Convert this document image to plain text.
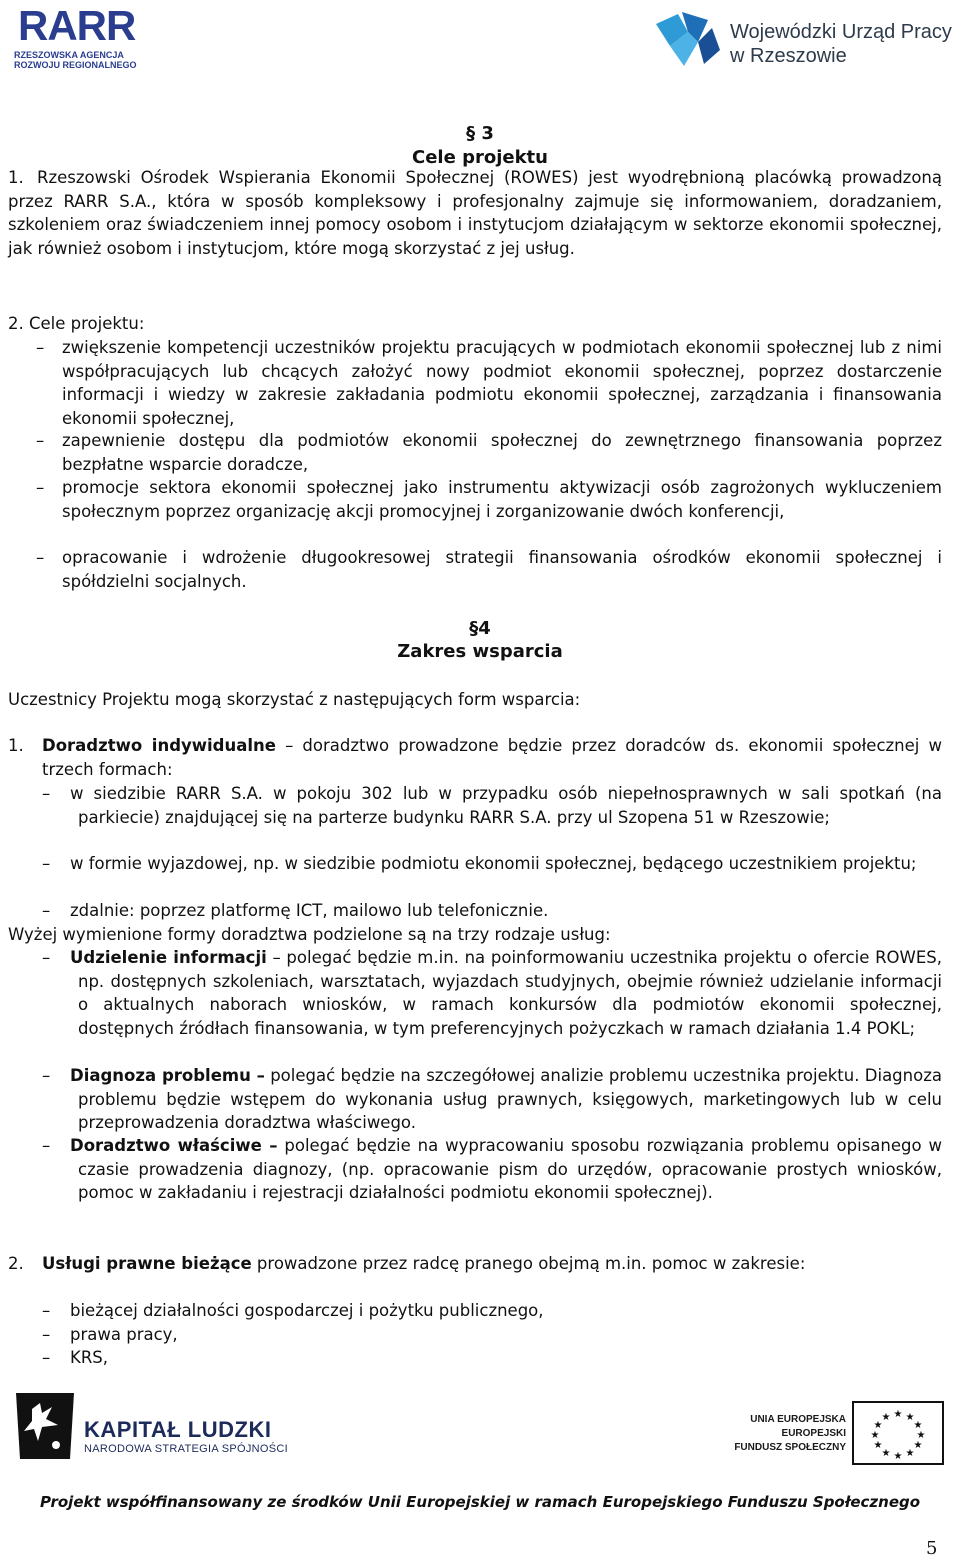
RARR
RZESZOWSKA AGENCJA
ROZWOJU REGIONALNEGO
Wojewódzki Urząd Pracy
w Rzeszowie
§ 3
Cele projektu
1. Rzeszowski Ośrodek Wspierania Ekonomii Społecznej (ROWES) jest wyodrębnioną placówką prowadzoną przez RARR S.A., która w sposób kompleksowy i profesjonalny zajmuje się informowaniem, doradzaniem, szkoleniem oraz świadczeniem innej pomocy osobom i instytucjom działającym w sektorze ekonomii społecznej, jak również osobom i instytucjom, które mogą skorzystać z jej usług.
2. Cele projektu:
– zwiększenie kompetencji uczestników projektu pracujących w podmiotach ekonomii społecznej lub z nimi współpracujących lub chcących założyć nowy podmiot ekonomii społecznej, poprzez dostarczenie informacji i wiedzy w zakresie zakładania podmiotu ekonomii społecznej, zarządzania i finansowania ekonomii społecznej,
– zapewnienie dostępu dla podmiotów ekonomii społecznej do zewnętrznego finansowania poprzez bezpłatne wsparcie doradcze,
– promocje sektora ekonomii społecznej jako instrumentu aktywizacji osób zagrożonych wykluczeniem społecznym poprzez organizację akcji promocyjnej i zorganizowanie dwóch konferencji,
– opracowanie i wdrożenie długookresowej strategii finansowania ośrodków ekonomii społecznej i spółdzielni socjalnych.
§4
Zakres wsparcia
Uczestnicy Projektu mogą skorzystać z następujących form wsparcia:
1. Doradztwo indywidualne – doradztwo prowadzone będzie przez doradców ds. ekonomii społecznej w trzech formach:
– w siedzibie RARR S.A. w pokoju 302 lub w przypadku osób niepełnosprawnych w sali spotkań (na parkiecie) znajdującej się na parterze budynku RARR S.A. przy ul Szopena 51 w Rzeszowie;
– w formie wyjazdowej, np. w siedzibie podmiotu ekonomii społecznej, będącego uczestnikiem projektu;
– zdalnie: poprzez platformę ICT, mailowo lub telefonicznie.
Wyżej wymienione formy doradztwa podzielone są na trzy rodzaje usług:
– Udzielenie informacji – polegać będzie m.in. na poinformowaniu uczestnika projektu o ofercie ROWES, np. dostępnych szkoleniach, warsztatach, wyjazdach studyjnych, obejmie również udzielanie informacji o aktualnych naborach wniosków, w ramach konkursów dla podmiotów ekonomii społecznej, dostępnych źródłach finansowania, w tym preferencyjnych pożyczkach w ramach działania 1.4 POKL;
– Diagnoza problemu – polegać będzie na szczegółowej analizie problemu uczestnika projektu. Diagnoza problemu będzie wstępem do wykonania usług prawnych, księgowych, marketingowych lub w celu przeprowadzenia doradztwa właściwego.
– Doradztwo właściwe – polegać będzie na wypracowaniu sposobu rozwiązania problemu opisanego w czasie prowadzenia diagnozy, (np. opracowanie pism do urzędów, opracowanie prostych wniosków, pomoc w zakładaniu i rejestracji działalności podmiotu ekonomii społecznej).
2. Usługi prawne bieżące prowadzone przez radcę pranego obejmą m.in. pomoc w zakresie:
– bieżącej działalności gospodarczej i pożytku publicznego,
– prawa pracy,
– KRS,
KAPITAŁ LUDZKI
NARODOWA STRATEGIA SPÓJNOŚCI
UNIA EUROPEJSKA
EUROPEJSKI
FUNDUSZ SPOŁECZNY
★ ★
★
★
★
★
★
★
★
★
★
★
Projekt współfinansowany ze środków Unii Europejskiej w ramach Europejskiego Funduszu Społecznego
5
